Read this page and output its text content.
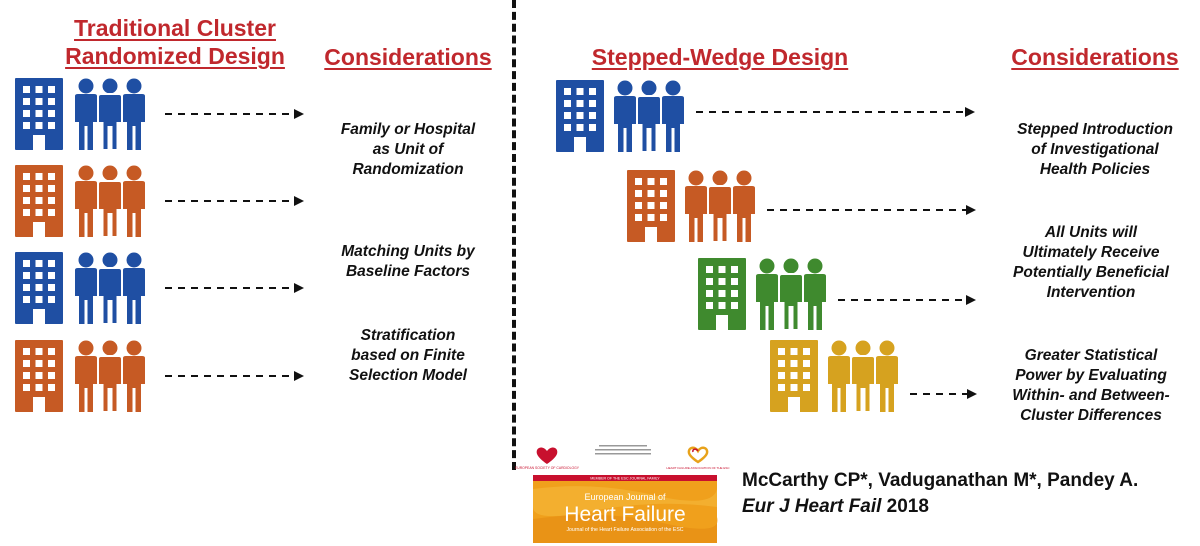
Traditional Cluster
Randomized Design	Considerations
Family or Hospital
as Unit of
Randomization
Matching Units by
Baseline Factors
Stratification
based on Finite
Selection Model
Stepped-Wedge Design	Considerations
Stepped Introduction
of Investigational
Health Policies
All Units will
Ultimately Receive
Potentially Beneficial
Intervention
Greater Statistical
Power by Evaluating
Within- and Between-
Cluster Differences
EUROPEAN SOCIETY OF CARDIOLOGY	HEART FAILURE ASSOCIATION OF THE ESC
MEMBER OF THE ESC JOURNAL FAMILY
European Journal of
Heart Failure
Journal of the Heart Failure Association of the ESC
McCarthy CP*, Vaduganathan M*, Pandey A.
Eur J Heart Fail 2018
